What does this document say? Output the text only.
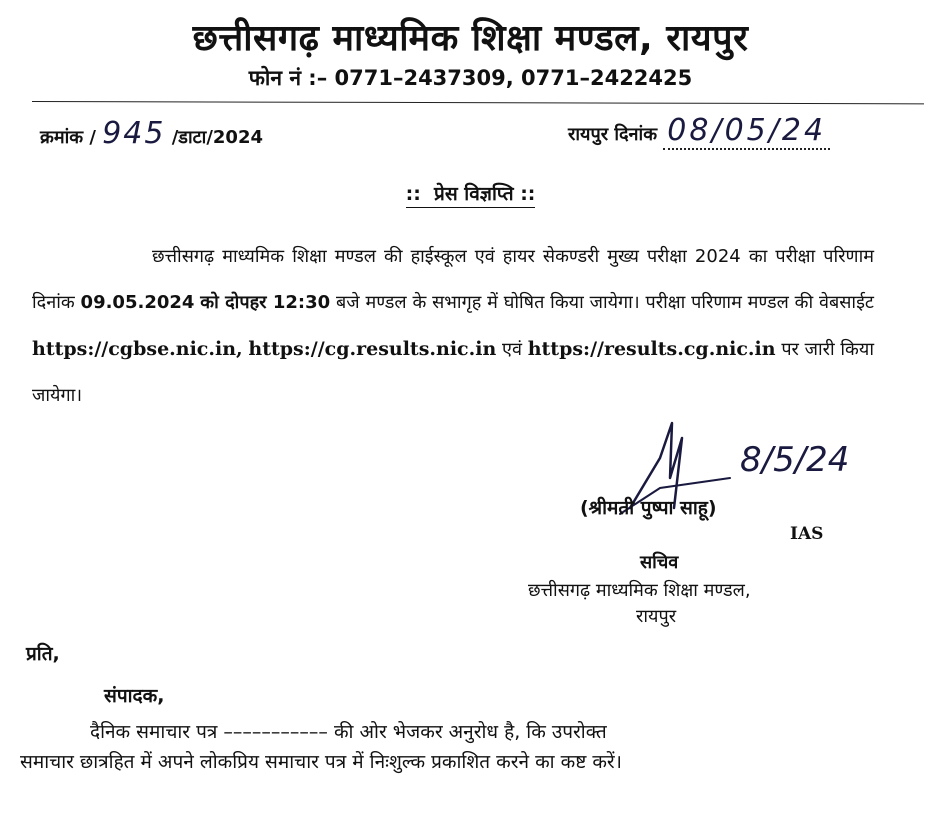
छत्तीसगढ़ माध्यमिक शिक्षा मण्डल, रायपुर
फोन नं :– 0771–2437309, 0771–2422425
क्रमांक / 945 /डाटा/2024	रायपुर दिनांक 08/05/24
::  प्रेस विज्ञप्ति ::
छत्तीसगढ़ माध्यमिक शिक्षा मण्डल की हाईस्कूल एवं हायर सेकण्डरी मुख्य परीक्षा 2024 का परीक्षा परिणाम दिनांक 09.05.2024 को दोपहर 12:30 बजे मण्डल के सभागृह में घोषित किया जायेगा। परीक्षा परिणाम मण्डल की वेबसाईट https://cgbse.nic.in, https://cg.results.nic.in एवं https://results.cg.nic.in पर जारी किया जायेगा।
8/5/24
(श्रीमती पुष्पा साहू)
IAS
सचिव
छत्तीसगढ़ माध्यमिक शिक्षा मण्डल,
रायपुर
प्रति,
संपादक,
दैनिक समाचार पत्र ––––––––––– की ओर भेजकर अनुरोध है, कि उपरोक्त
समाचार छात्रहित में अपने लोकप्रिय समाचार पत्र में निःशुल्क प्रकाशित करने का कष्ट करें।
